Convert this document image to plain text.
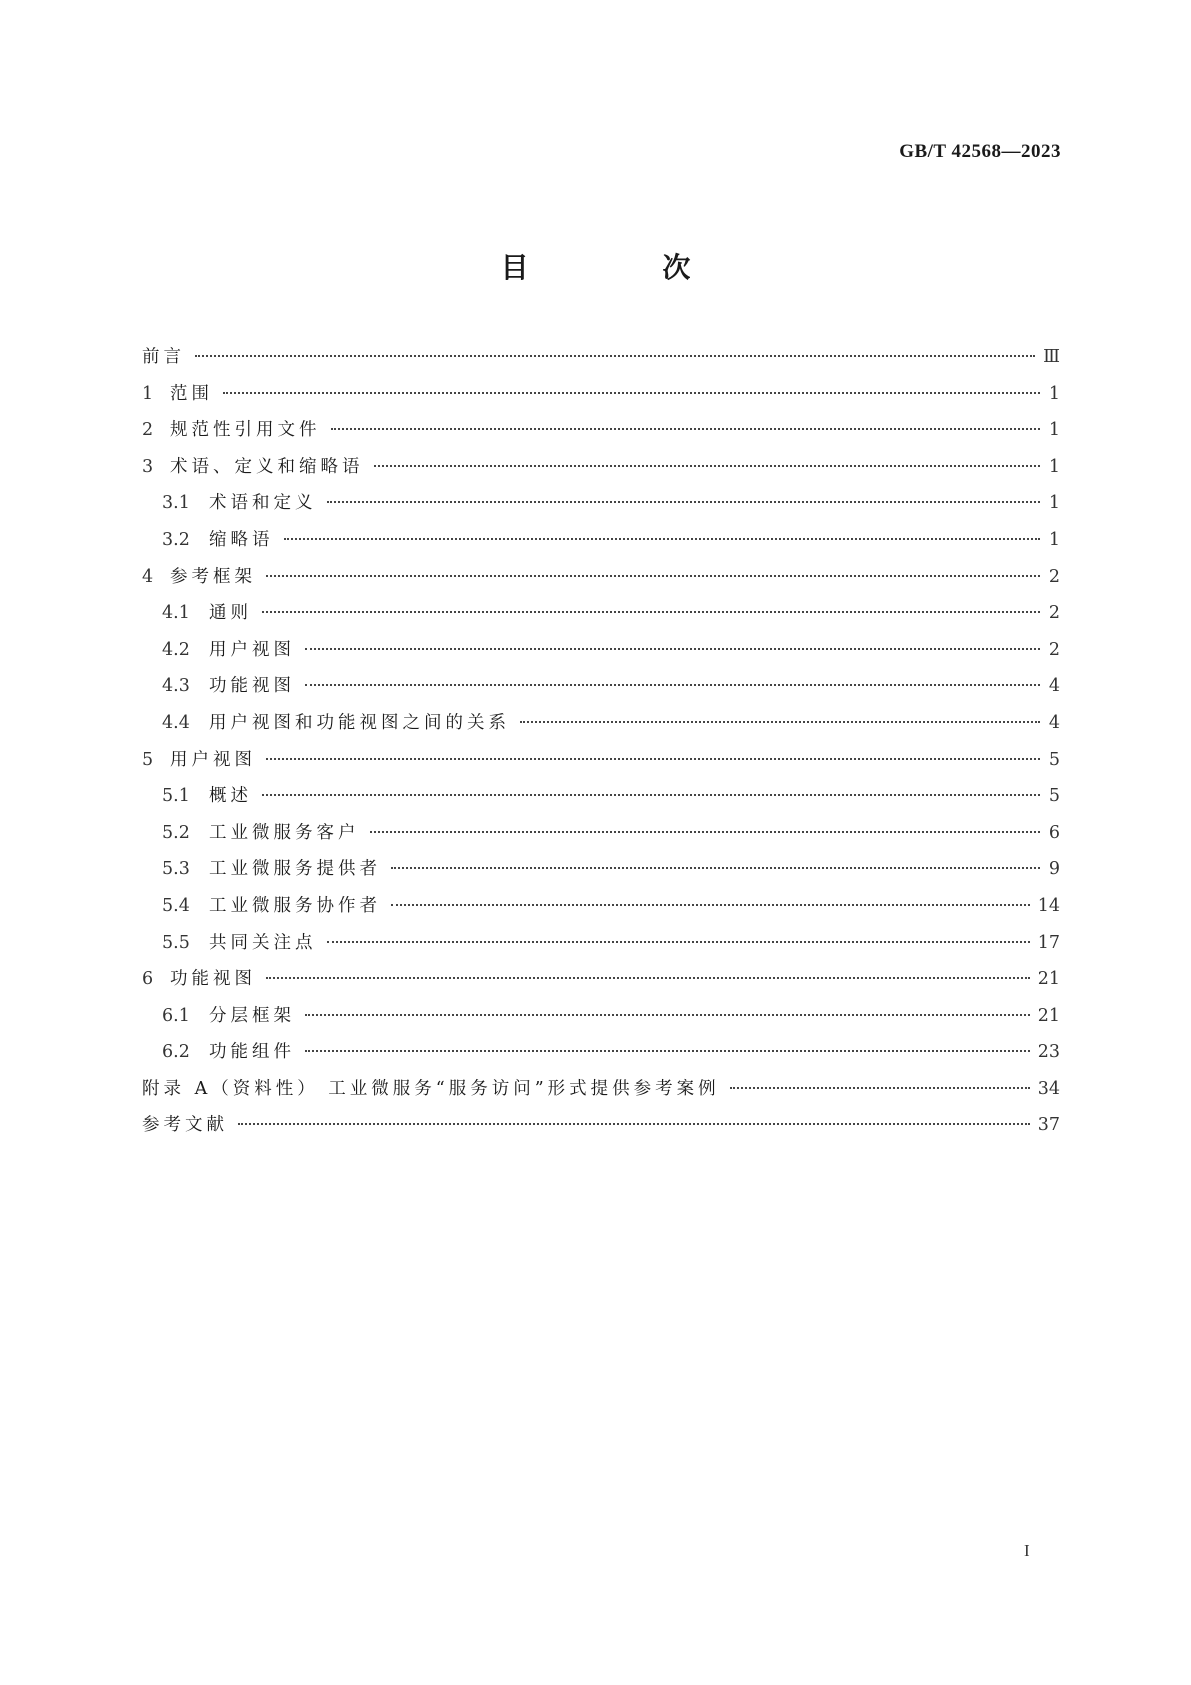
GB/T 42568—2023
目 次
前言	Ⅲ
1 范围	1
2 规范性引用文件	1
3 术语、定义和缩略语	1
3.1	术语和定义	1
3.2	缩略语	1
4 参考框架	2
4.1	通则	2
4.2	用户视图	2
4.3	功能视图	4
4.4	用户视图和功能视图之间的关系	4
5 用户视图	5
5.1	概述	5
5.2	工业微服务客户	6
5.3	工业微服务提供者	9
5.4	工业微服务协作者	14
5.5	共同关注点	17
6 功能视图	21
6.1	分层框架	21
6.2	功能组件	23
附录 A（资料性） 工业微服务“服务访问”形式提供参考案例	34
参考文献	37
I
